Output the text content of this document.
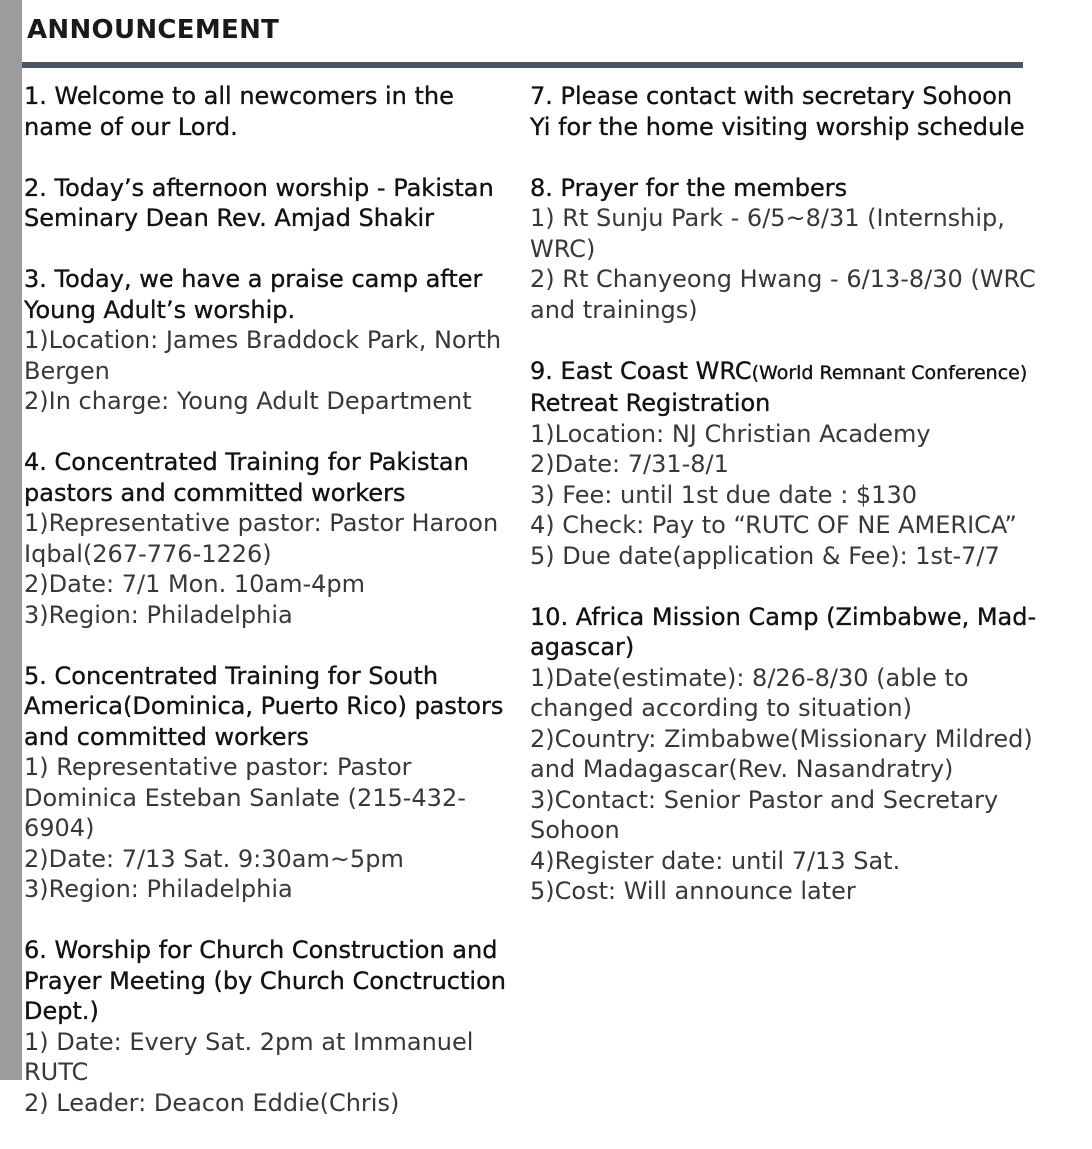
ANNOUNCEMENT

1. Welcome to all newcomers in the name of our Lord.

2. Today’s afternoon worship - Pakistan Seminary Dean Rev. Amjad Shakir

3. Today, we have a praise camp after Young Adult’s worship.

1)Location: James Braddock Park, North Bergen

2)In charge: Young Adult Department

4. Concentrated Training for Pakistan pastors and committed workers

1)Representative pastor: Pastor Haroon Iqbal(267-776-1226)

2)Date: 7/1 Mon. 10am-4pm

3)Region: Philadelphia

5. Concentrated Training for South America(Dominica, Puerto Rico) pastors and committed workers

1) Representative pastor: Pastor Dominica Esteban Sanlate (215-432-6904)

2)Date: 7/13 Sat. 9:30am~5pm

3)Region: Philadelphia

6. Worship for Church Construction and Prayer Meeting (by Church Conctruction Dept.)

1) Date: Every Sat. 2pm at Immanuel RUTC

2) Leader: Deacon Eddie(Chris)

7. Please contact with secretary Sohoon Yi for the home visiting worship schedule

8. Prayer for the members

1) Rt Sunju Park - 6/5~8/31 (Internship, WRC)

2) Rt Chanyeong Hwang - 6/13-8/30 (WRC and trainings)

9. East Coast WRC(World Remnant Conference) Retreat Registration

1)Location: NJ Christian Academy

2)Date: 7/31-8/1

3) Fee: until 1st due date : $130

4) Check: Pay to “RUTC OF NE AMERICA”

5) Due date(application & Fee): 1st-7/7

10. Africa Mission Camp (Zimbabwe, Mad-agascar)

1)Date(estimate): 8/26-8/30 (able to changed according to situation)

2)Country: Zimbabwe(Missionary Mildred) and Madagascar(Rev. Nasandratry)

3)Contact: Senior Pastor and Secretary Sohoon

4)Register date: until 7/13 Sat.

5)Cost: Will announce later
